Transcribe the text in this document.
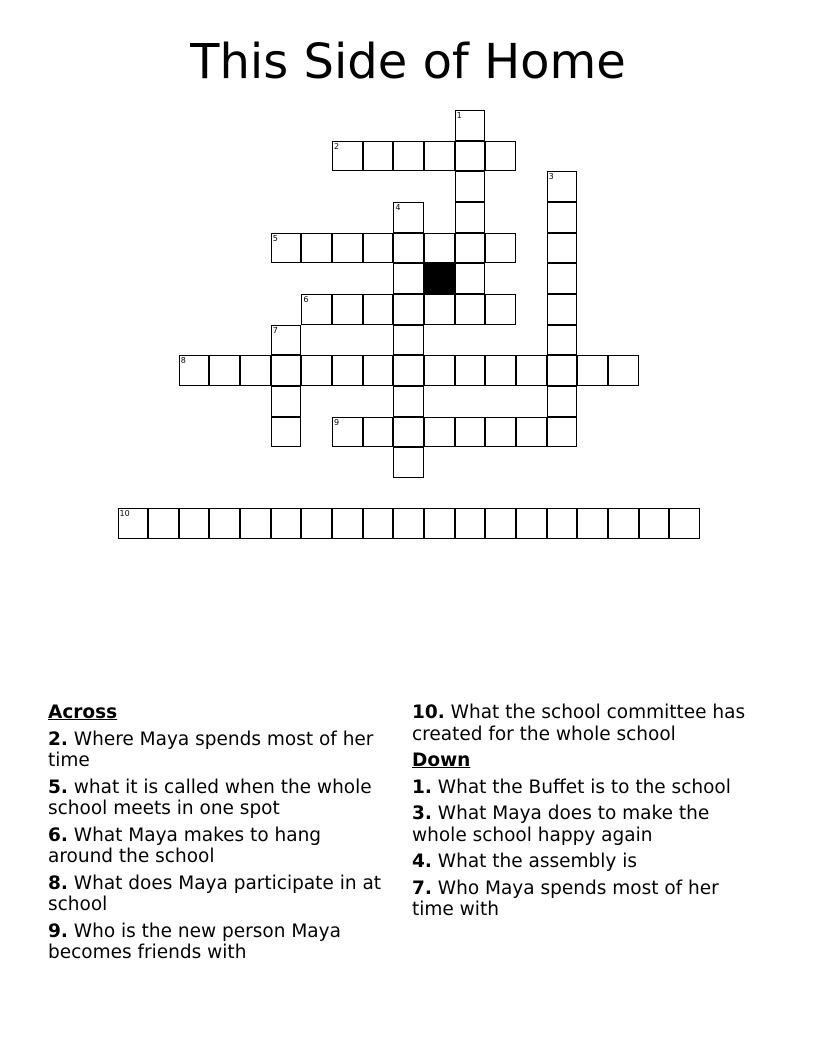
This Side of Home
1
2
3
4
5
6
7
8
9
10
Across
2. Where Maya spends most of her time
5. what it is called when the whole school meets in one spot
6. What Maya makes to hang around the school
8. What does Maya participate in at school
9. Who is the new person Maya becomes friends with
10. What the school committee has created for the whole school
Down
1. What the Buffet is to the school
3. What Maya does to make the whole school happy again
4. What the assembly is
7. Who Maya spends most of her time with
